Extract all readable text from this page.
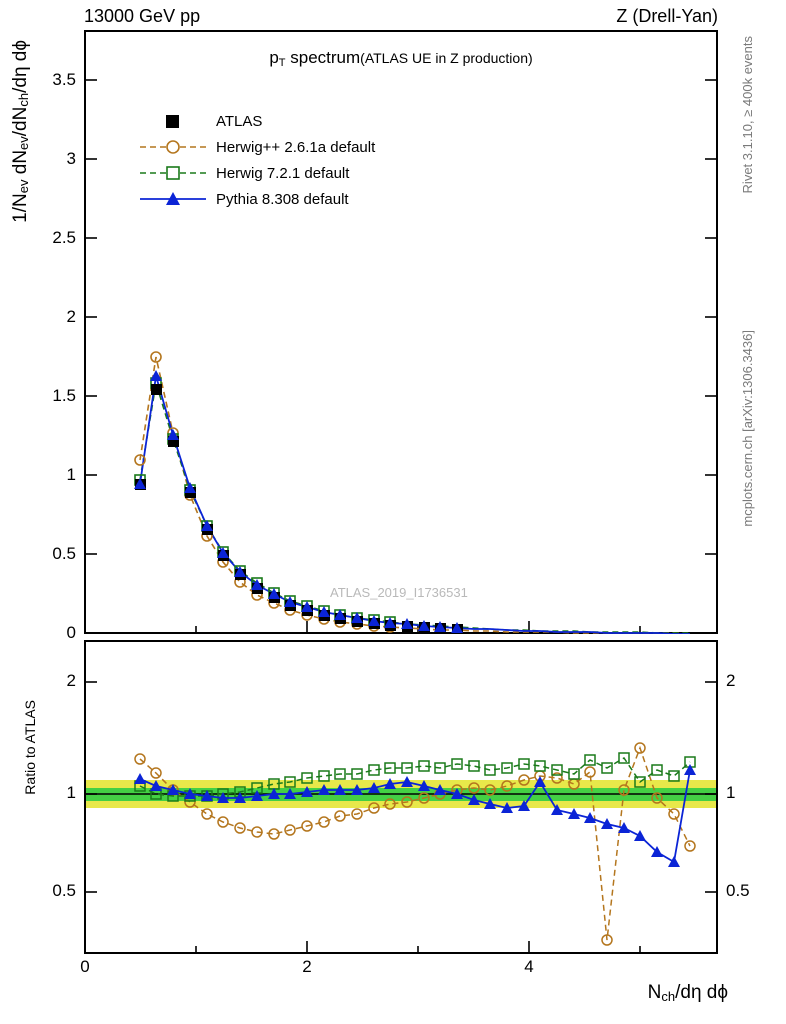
13000 GeV pp	Z (Drell-Yan)
Rivet 3.1.10, ≥ 400k events
mcplots.cern.ch [arXiv:1306.3436]
1/Nev dNev/dNch/dη dϕ
Ratio to ATLAS
Nch/dη dϕ
$p_T$ spectrum(ATLAS UE in Z production)
0
0.5
1
1.5
2
2.5
3
3.5
ATLAS
Herwig++ 2.6.1a default
Herwig 7.2.1 default
Pythia 8.308 default
ATLAS_2019_I1736531
2
1
0.5
2
1
0.5
0	2	4
